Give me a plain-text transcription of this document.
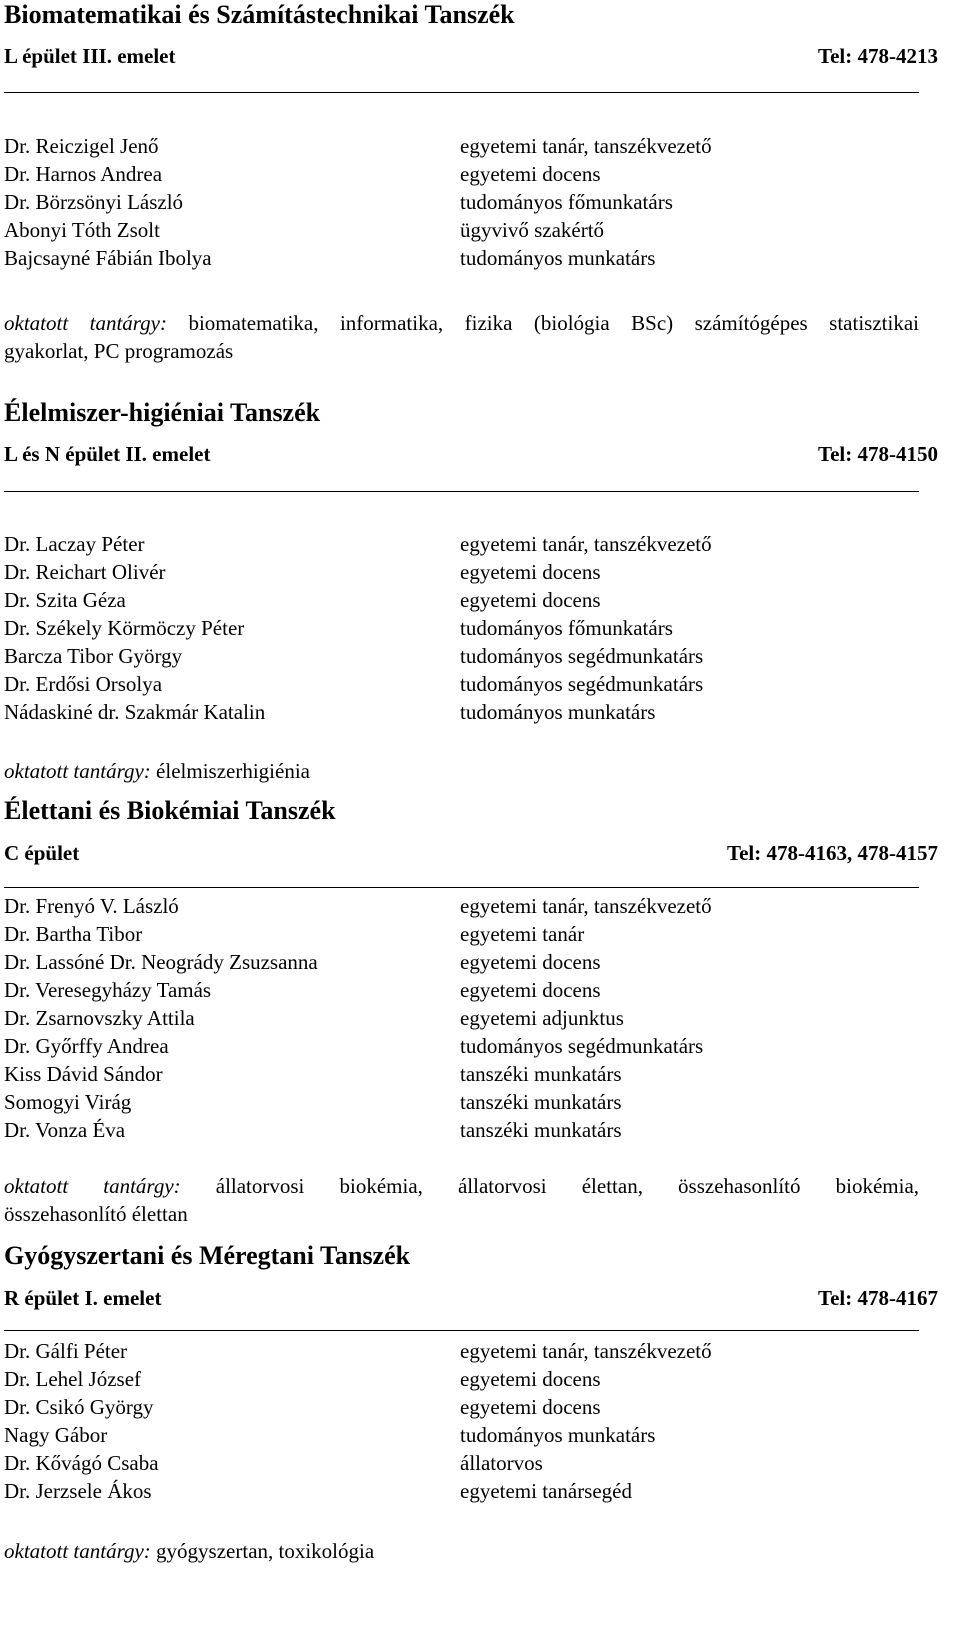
Biomatematikai és Számítástechnikai Tanszék
L épület III. emelet	Tel: 478-4213
Dr. Reiczigel Jenő	egyetemi tanár, tanszékvezető
Dr. Harnos Andrea	egyetemi docens
Dr. Börzsönyi László	tudományos főmunkatárs
Abonyi Tóth Zsolt	ügyvivő szakértő
Bajcsayné Fábián Ibolya	tudományos munkatárs
oktatott tantárgy: biomatematika, informatika, fizika (biológia BSc) számítógépes statisztikai
gyakorlat, PC programozás
Élelmiszer-higiéniai Tanszék
L és N épület II. emelet	Tel: 478-4150
Dr. Laczay Péter	egyetemi tanár, tanszékvezető
Dr. Reichart Olivér	egyetemi docens
Dr. Szita Géza	egyetemi docens
Dr. Székely Körmöczy Péter	tudományos főmunkatárs
Barcza Tibor György	tudományos segédmunkatárs
Dr. Erdősi Orsolya	tudományos segédmunkatárs
Nádaskiné dr. Szakmár Katalin	tudományos munkatárs
oktatott tantárgy: élelmiszerhigiénia
Élettani és Biokémiai Tanszék
C épület	Tel: 478-4163, 478-4157
Dr. Frenyó V. László	egyetemi tanár, tanszékvezető
Dr. Bartha Tibor	egyetemi tanár
Dr. Lassóné Dr. Neogrády Zsuzsanna	egyetemi docens
Dr. Veresegyházy Tamás	egyetemi docens
Dr. Zsarnovszky Attila	egyetemi adjunktus
Dr. Győrffy Andrea	tudományos segédmunkatárs
Kiss Dávid Sándor	tanszéki munkatárs
Somogyi Virág	tanszéki munkatárs
Dr. Vonza Éva	tanszéki munkatárs
oktatott tantárgy: állatorvosi biokémia, állatorvosi élettan, összehasonlító biokémia,
összehasonlító élettan
Gyógyszertani és Méregtani Tanszék
R épület I. emelet	Tel: 478-4167
Dr. Gálfi Péter	egyetemi tanár, tanszékvezető
Dr. Lehel József	egyetemi docens
Dr. Csikó György	egyetemi docens
Nagy Gábor	tudományos munkatárs
Dr. Kővágó Csaba	állatorvos
Dr. Jerzsele Ákos	egyetemi tanársegéd
oktatott tantárgy: gyógyszertan, toxikológia
